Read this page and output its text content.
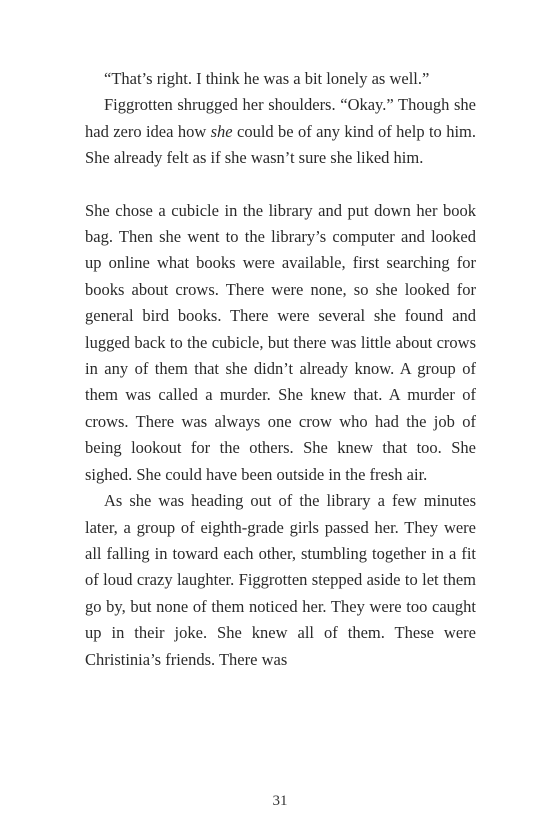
“That’s right. I think he was a bit lonely as well.”

Figgrotten shrugged her shoulders. “Okay.” Though she had zero idea how she could be of any kind of help to him. She already felt as if she wasn’t sure she liked him.

She chose a cubicle in the library and put down her book bag. Then she went to the library’s computer and looked up online what books were available, first searching for books about crows. There were none, so she looked for general bird books. There were several she found and lugged back to the cubicle, but there was little about crows in any of them that she didn’t already know. A group of them was called a murder. She knew that. A murder of crows. There was always one crow who had the job of being lookout for the others. She knew that too. She sighed. She could have been outside in the fresh air.

As she was heading out of the library a few minutes later, a group of eighth-grade girls passed her. They were all falling in toward each other, stumbling together in a fit of loud crazy laughter. Figgrotten stepped aside to let them go by, but none of them noticed her. They were too caught up in their joke. She knew all of them. These were Christinia’s friends. There was

31
